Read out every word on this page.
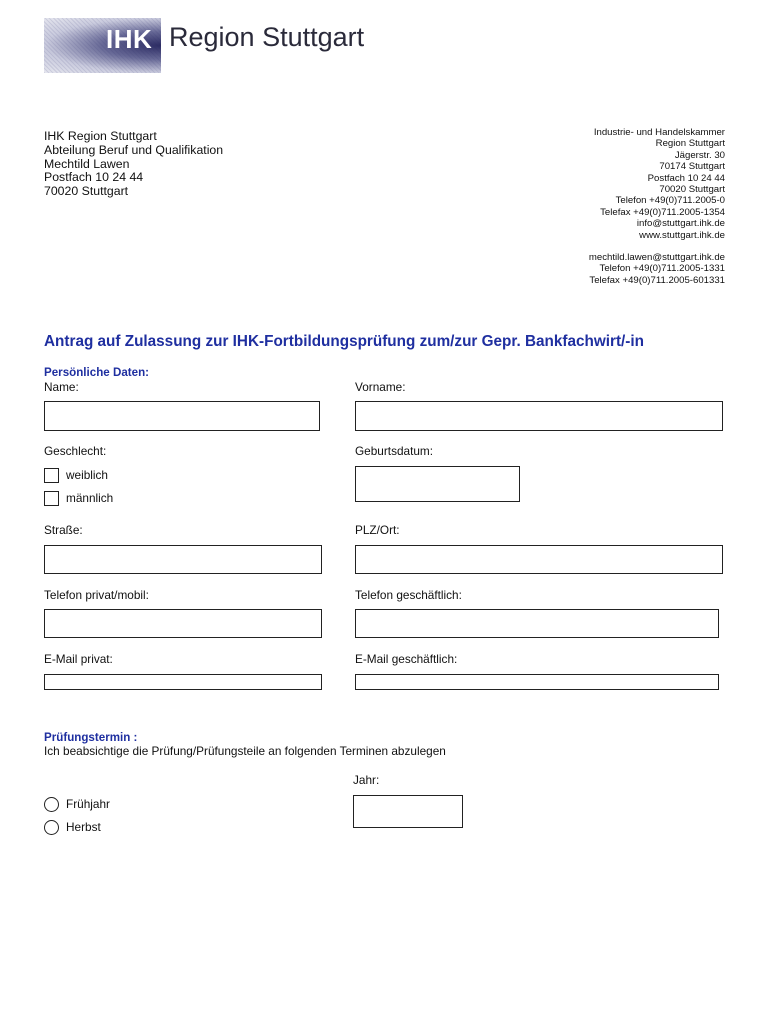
IHK Region Stuttgart
IHK Region Stuttgart
Abteilung Beruf und Qualifikation
Mechtild Lawen
Postfach 10 24 44
70020 Stuttgart
Industrie- und Handelskammer
Region Stuttgart
Jägerstr. 30
70174 Stuttgart
Postfach 10 24 44
70020 Stuttgart
Telefon +49(0)711.2005-0
Telefax +49(0)711.2005-1354
info@stuttgart.ihk.de
www.stuttgart.ihk.de
mechtild.lawen@stuttgart.ihk.de
Telefon +49(0)711.2005-1331
Telefax +49(0)711.2005-601331
Antrag auf Zulassung zur IHK-Fortbildungsprüfung zum/zur Gepr. Bankfachwirt/-in
Persönliche Daten:
Name:	Vorname:
Geschlecht:	Geburtsdatum:
weiblich
männlich
Straße:	PLZ/Ort:
Telefon privat/mobil:	Telefon geschäftlich:
E-Mail privat:	E-Mail geschäftlich:
Prüfungstermin :
Ich beabsichtige die Prüfung/Prüfungsteile an folgenden Terminen abzulegen
Jahr:
Frühjahr
Herbst
